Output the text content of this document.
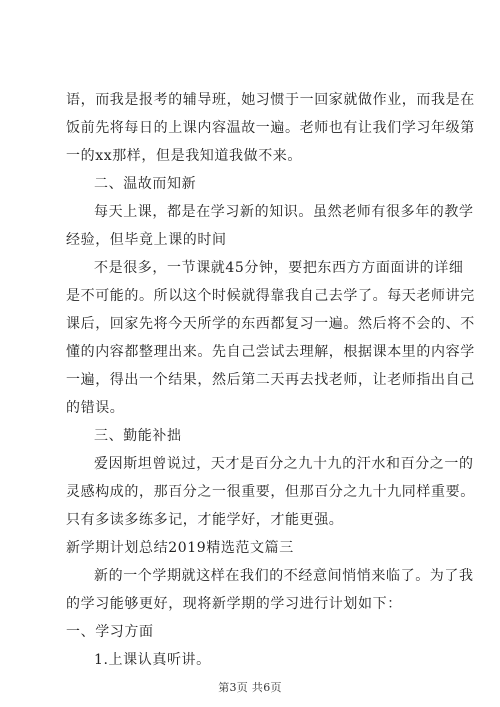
语，而我是报考的辅导班，她习惯于一回家就做作业，而我是在
饭前先将每日的上课内容温故一遍。老师也有让我们学习年级第
一的xx那样，但是我知道我做不来。
二、温故而知新
每天上课，都是在学习新的知识。虽然老师有很多年的教学
经验，但毕竟上课的时间
不是很多，一节课就45分钟，要把东西方方面面讲的详细
是不可能的。所以这个时候就得靠我自己去学了。每天老师讲完
课后，回家先将今天所学的东西都复习一遍。然后将不会的、不
懂的内容都整理出来。先自己尝试去理解，根据课本里的内容学
一遍，得出一个结果，然后第二天再去找老师，让老师指出自己
的错误。
三、勤能补拙
爱因斯坦曾说过，天才是百分之九十九的汗水和百分之一的
灵感构成的，那百分之一很重要，但那百分之九十九同样重要。
只有多读多练多记，才能学好，才能更强。
新学期计划总结2019精选范文篇三
新的一个学期就这样在我们的不经意间悄悄来临了。为了我
的学习能够更好，现将新学期的学习进行计划如下：
一、学习方面
1.上课认真听讲。
第3页 共6页
